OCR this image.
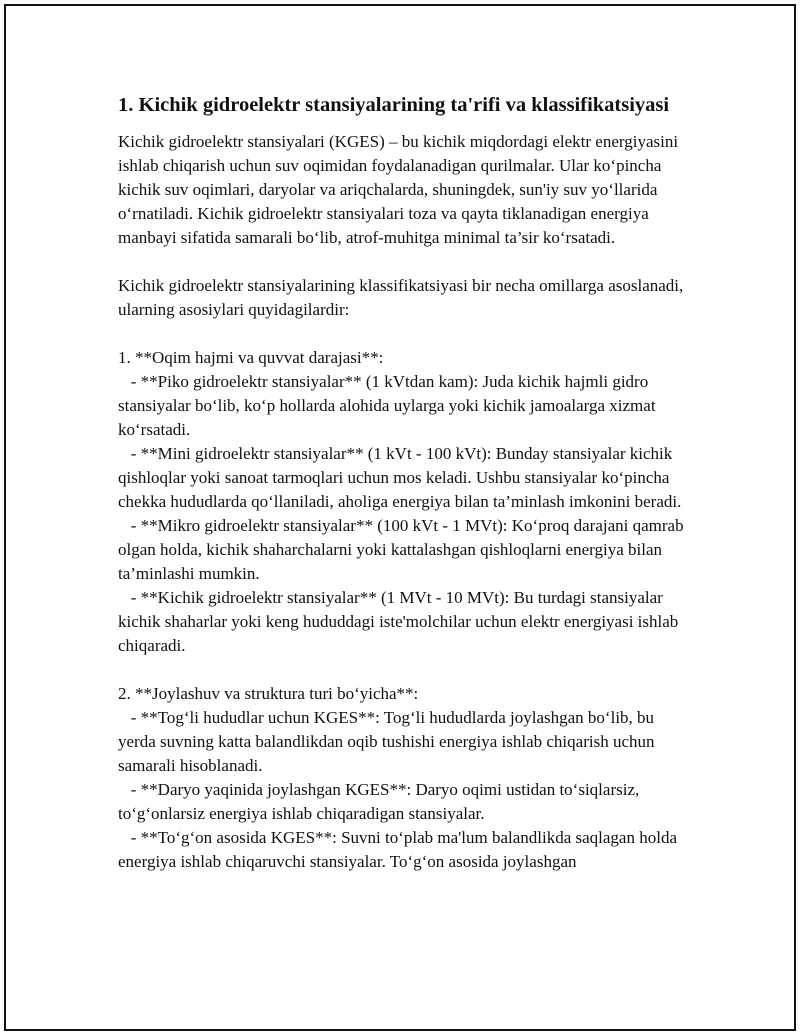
1. Kichik gidroelektr stansiyalarining ta'rifi va klassifikatsiyasi

Kichik gidroelektr stansiyalari (KGES) – bu kichik miqdordagi elektr energiyasini ishlab chiqarish uchun suv oqimidan foydalanadigan qurilmalar. Ular ko‘pincha kichik suv oqimlari, daryolar va ariqchalarda, shuningdek, sun'iy suv yo‘llarida o‘rnatiladi. Kichik gidroelektr stansiyalari toza va qayta tiklanadigan energiya manbayi sifatida samarali bo‘lib, atrof-muhitga minimal ta’sir ko‘rsatadi.

Kichik gidroelektr stansiyalarining klassifikatsiyasi bir necha omillarga asoslanadi, ularning asosiylari quyidagilardir:

1. **Oqim hajmi va quvvat darajasi**:

- **Piko gidroelektr stansiyalar** (1 kVtdan kam): Juda kichik hajmli gidro stansiyalar bo‘lib, ko‘p hollarda alohida uylarga yoki kichik jamoalarga xizmat ko‘rsatadi.

- **Mini gidroelektr stansiyalar** (1 kVt - 100 kVt): Bunday stansiyalar kichik qishloqlar yoki sanoat tarmoqlari uchun mos keladi. Ushbu stansiyalar ko‘pincha chekka hududlarda qo‘llaniladi, aholiga energiya bilan ta’minlash imkonini beradi.

- **Mikro gidroelektr stansiyalar** (100 kVt - 1 MVt): Ko‘proq darajani qamrab olgan holda, kichik shaharchalarni yoki kattalashgan qishloqlarni energiya bilan ta’minlashi mumkin.

- **Kichik gidroelektr stansiyalar** (1 MVt - 10 MVt): Bu turdagi stansiyalar kichik shaharlar yoki keng hududdagi iste'molchilar uchun elektr energiyasi ishlab chiqaradi.

2. **Joylashuv va struktura turi bo‘yicha**:

- **Tog‘li hududlar uchun KGES**: Tog‘li hududlarda joylashgan bo‘lib, bu yerda suvning katta balandlikdan oqib tushishi energiya ishlab chiqarish uchun samarali hisoblanadi.

- **Daryo yaqinida joylashgan KGES**: Daryo oqimi ustidan to‘siqlarsiz, to‘g‘onlarsiz energiya ishlab chiqaradigan stansiyalar.

- **To‘g‘on asosida KGES**: Suvni to‘plab ma'lum balandlikda saqlagan holda energiya ishlab chiqaruvchi stansiyalar. To‘g‘on asosida joylashgan
